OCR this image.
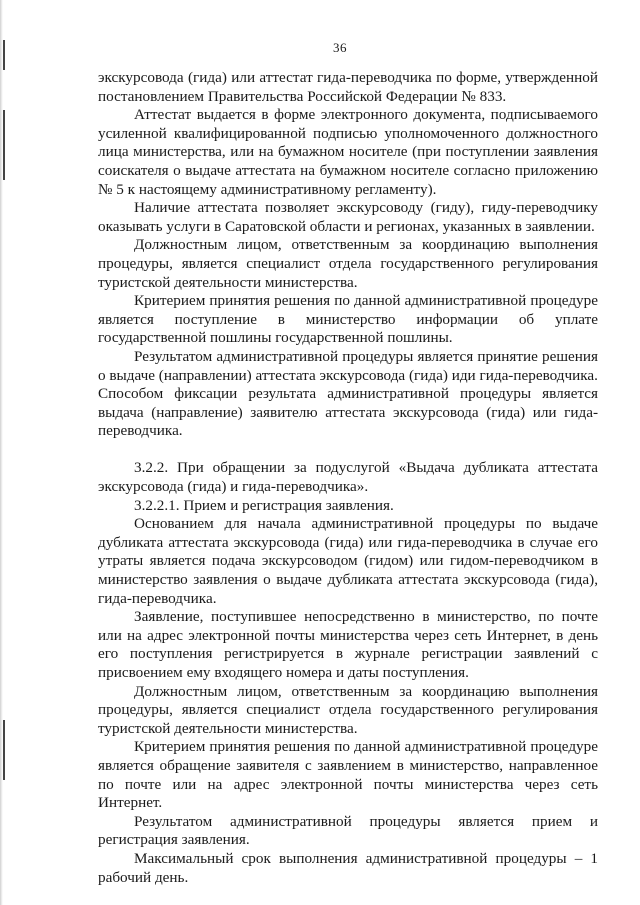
36

экскурсовода (гида) или аттестат гида-переводчика по форме, утвержденной постановлением Правительства Российской Федерации № 833.

Аттестат выдается в форме электронного документа, подписываемого усиленной квалифицированной подписью уполномоченного должностного лица министерства, или на бумажном носителе (при поступлении заявления соискателя о выдаче аттестата на бумажном носителе согласно приложению № 5 к настоящему административному регламенту).

Наличие аттестата позволяет экскурсоводу (гиду), гиду-переводчику оказывать услуги в Саратовской области и регионах, указанных в заявлении.

Должностным лицом, ответственным за координацию выполнения процедуры, является специалист отдела государственного регулирования туристской деятельности министерства.

Критерием принятия решения по данной административной процедуре является поступление в министерство информации об уплате государственной пошлины государственной пошлины.

Результатом административной процедуры является принятие решения о выдаче (направлении) аттестата экскурсовода (гида) иди гида-переводчика.

Способом фиксации результата административной процедуры является выдача (направление) заявителю аттестата экскурсовода (гида) или гида-переводчика.

3.2.2. При обращении за подуслугой «Выдача дубликата аттестата экскурсовода (гида) и гида-переводчика».

3.2.2.1. Прием и регистрация заявления.

Основанием для начала административной процедуры по выдаче дубликата аттестата экскурсовода (гида) или гида-переводчика в случае его утраты является подача экскурсоводом (гидом) или гидом-переводчиком в министерство заявления о выдаче дубликата аттестата экскурсовода (гида), гида-переводчика.

Заявление, поступившее непосредственно в министерство, по почте или на адрес электронной почты министерства через сеть Интернет, в день его поступления регистрируется в журнале регистрации заявлений с присвоением ему входящего номера и даты поступления.

Должностным лицом, ответственным за координацию выполнения процедуры, является специалист отдела государственного регулирования туристской деятельности министерства.

Критерием принятия решения по данной административной процедуре является обращение заявителя с заявлением в министерство, направленное по почте или на адрес электронной почты министерства через сеть Интернет.

Результатом административной процедуры является прием и регистрация заявления.

Максимальный срок выполнения административной процедуры – 1 рабочий день.
